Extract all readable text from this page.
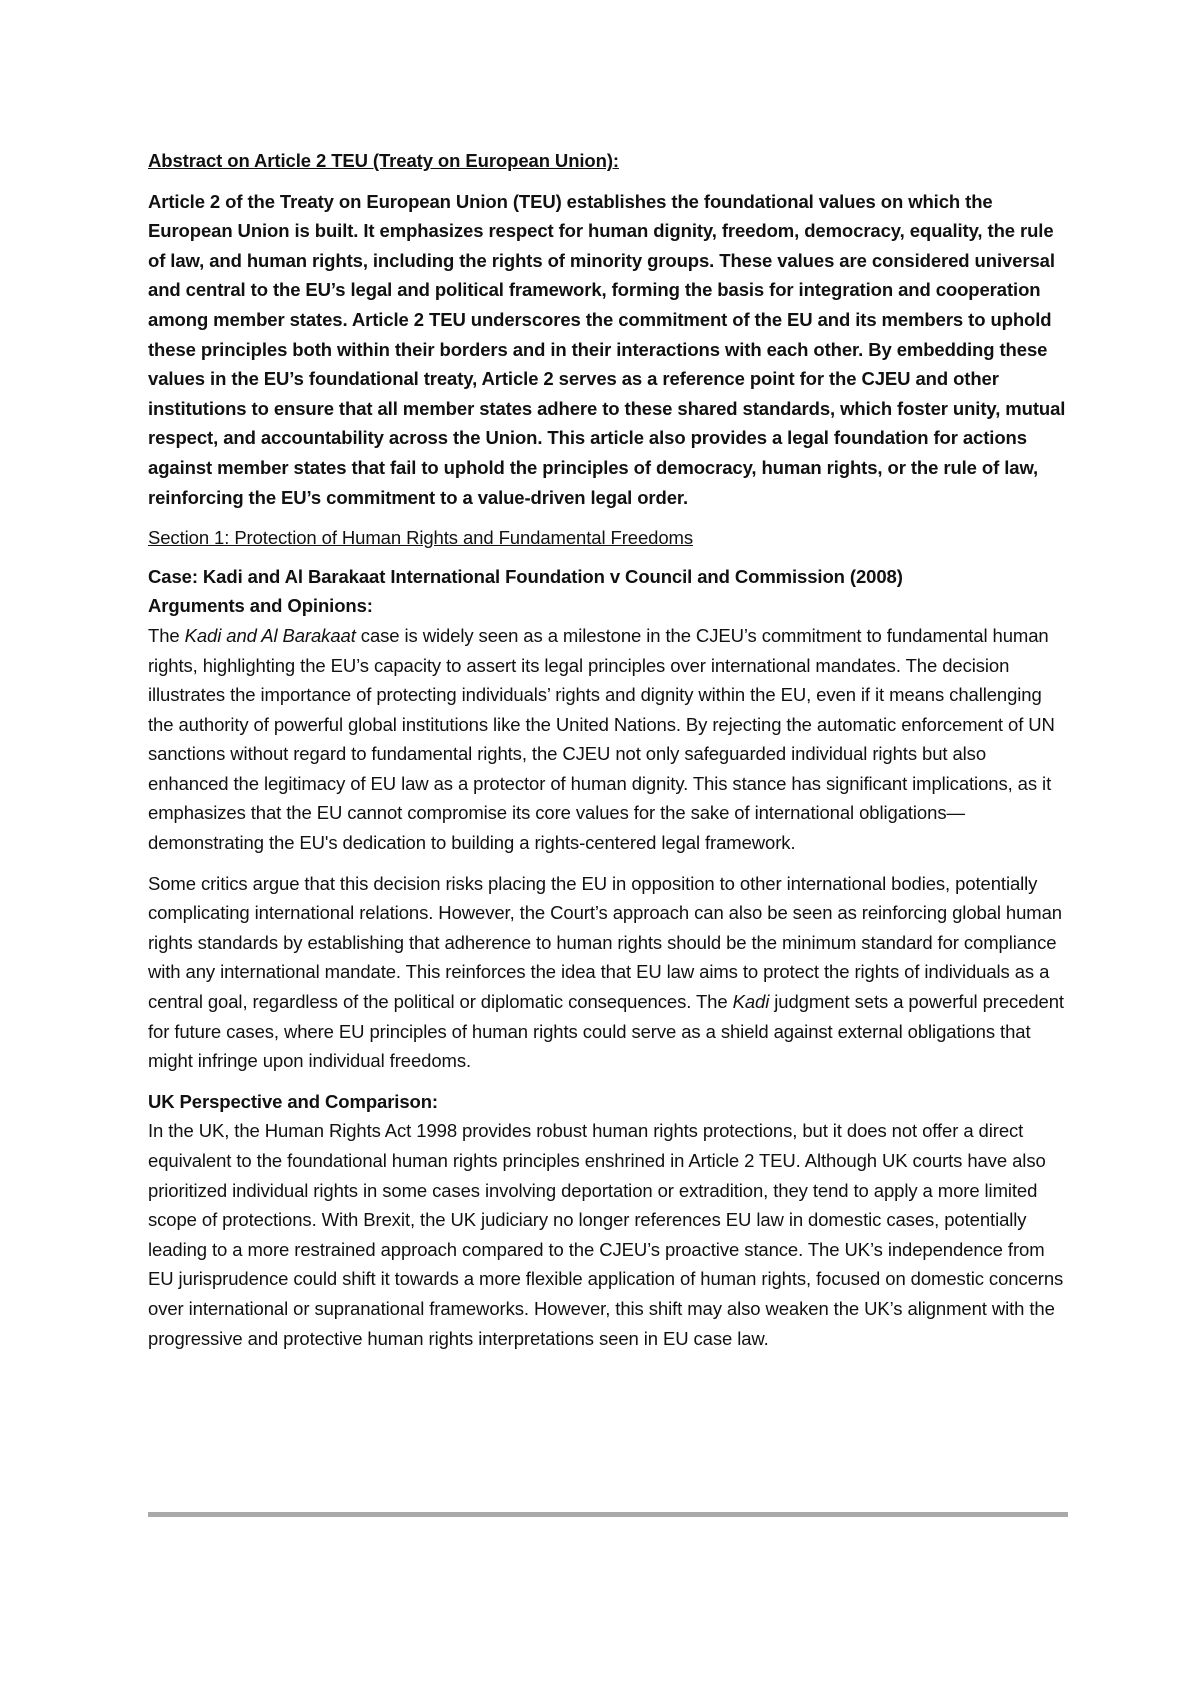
Abstract on Article 2 TEU (Treaty on European Union):

Article 2 of the Treaty on European Union (TEU) establishes the foundational values on which the European Union is built. It emphasizes respect for human dignity, freedom, democracy, equality, the rule of law, and human rights, including the rights of minority groups. These values are considered universal and central to the EU’s legal and political framework, forming the basis for integration and cooperation among member states. Article 2 TEU underscores the commitment of the EU and its members to uphold these principles both within their borders and in their interactions with each other. By embedding these values in the EU’s foundational treaty, Article 2 serves as a reference point for the CJEU and other institutions to ensure that all member states adhere to these shared standards, which foster unity, mutual respect, and accountability across the Union. This article also provides a legal foundation for actions against member states that fail to uphold the principles of democracy, human rights, or the rule of law, reinforcing the EU’s commitment to a value-driven legal order.

Section 1: Protection of Human Rights and Fundamental Freedoms

Case: Kadi and Al Barakaat International Foundation v Council and Commission (2008)

Arguments and Opinions:

The Kadi and Al Barakaat case is widely seen as a milestone in the CJEU’s commitment to fundamental human rights, highlighting the EU’s capacity to assert its legal principles over international mandates. The decision illustrates the importance of protecting individuals’ rights and dignity within the EU, even if it means challenging the authority of powerful global institutions like the United Nations. By rejecting the automatic enforcement of UN sanctions without regard to fundamental rights, the CJEU not only safeguarded individual rights but also enhanced the legitimacy of EU law as a protector of human dignity. This stance has significant implications, as it emphasizes that the EU cannot compromise its core values for the sake of international obligations—demonstrating the EU's dedication to building a rights-centered legal framework.

Some critics argue that this decision risks placing the EU in opposition to other international bodies, potentially complicating international relations. However, the Court’s approach can also be seen as reinforcing global human rights standards by establishing that adherence to human rights should be the minimum standard for compliance with any international mandate. This reinforces the idea that EU law aims to protect the rights of individuals as a central goal, regardless of the political or diplomatic consequences. The Kadi judgment sets a powerful precedent for future cases, where EU principles of human rights could serve as a shield against external obligations that might infringe upon individual freedoms.

UK Perspective and Comparison:

In the UK, the Human Rights Act 1998 provides robust human rights protections, but it does not offer a direct equivalent to the foundational human rights principles enshrined in Article 2 TEU. Although UK courts have also prioritized individual rights in some cases involving deportation or extradition, they tend to apply a more limited scope of protections. With Brexit, the UK judiciary no longer references EU law in domestic cases, potentially leading to a more restrained approach compared to the CJEU’s proactive stance. The UK’s independence from EU jurisprudence could shift it towards a more flexible application of human rights, focused on domestic concerns over international or supranational frameworks. However, this shift may also weaken the UK’s alignment with the progressive and protective human rights interpretations seen in EU case law.
